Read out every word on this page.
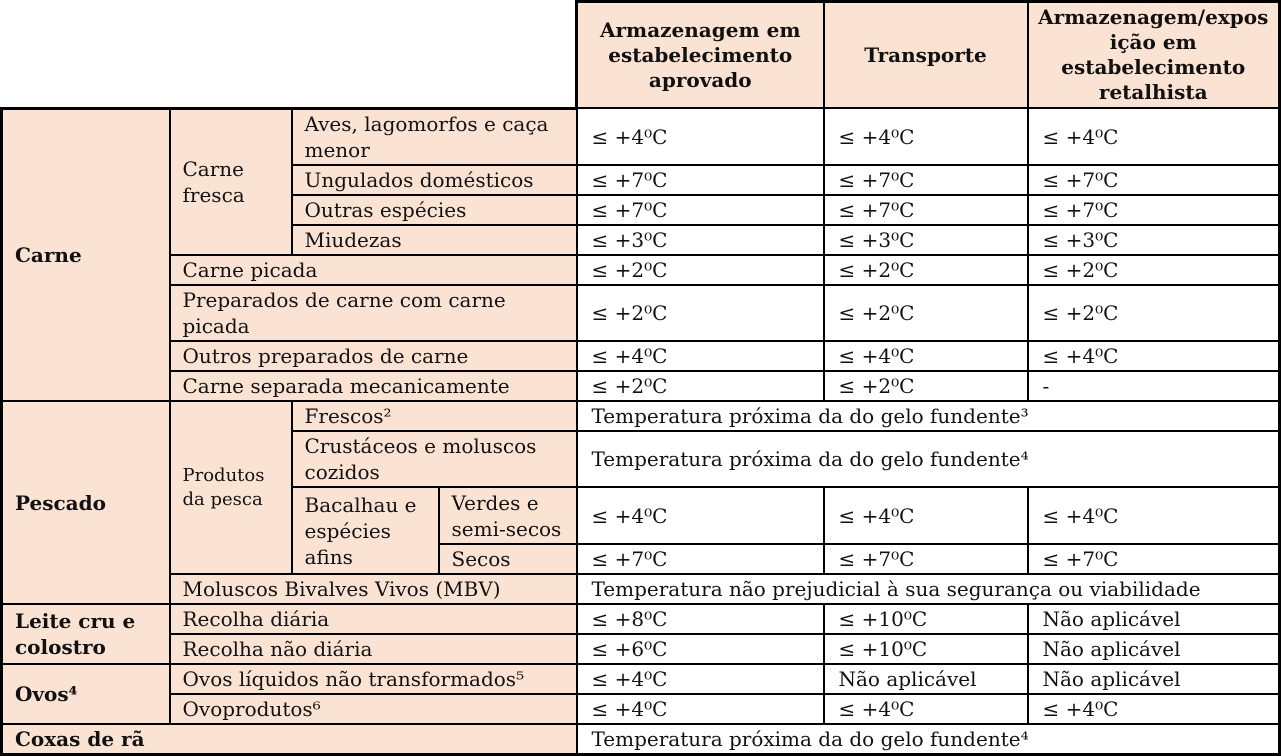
				Armazenagem em estabelecimento aprovado	Transporte	Armazenagem/exposição em estabelecimento retalhista
Carne	Carne fresca	Aves, lagomorfos e caça menor		≤ +4⁰C	≤ +4⁰C	≤ +4⁰C
		Ungulados domésticos		≤ +7⁰C	≤ +7⁰C	≤ +7⁰C
		Outras espécies		≤ +7⁰C	≤ +7⁰C	≤ +7⁰C
		Miudezas		≤ +3⁰C	≤ +3⁰C	≤ +3⁰C
	Carne picada			≤ +2⁰C	≤ +2⁰C	≤ +2⁰C
	Preparados de carne com carne picada			≤ +2⁰C	≤ +2⁰C	≤ +2⁰C
	Outros preparados de carne			≤ +4⁰C	≤ +4⁰C	≤ +4⁰C
	Carne separada mecanicamente			≤ +2⁰C	≤ +2⁰C	-
Pescado	Produtos da pesca	Frescos²		Temperatura próxima da do gelo fundente³		
		Crustáceos e moluscos cozidos		Temperatura próxima da do gelo fundente⁴		
		Bacalhau e espécies afins	Verdes e semi-secos	≤ +4⁰C	≤ +4⁰C	≤ +4⁰C
			Secos	≤ +7⁰C	≤ +7⁰C	≤ +7⁰C
	Moluscos Bivalves Vivos (MBV)			Temperatura não prejudicial à sua segurança ou viabilidade		
Leite cru e colostro	Recolha diária			≤ +8⁰C	≤ +10⁰C	Não aplicável
	Recolha não diária			≤ +6⁰C	≤ +10⁰C	Não aplicável
Ovos⁴	Ovos líquidos não transformados⁵			≤ +4⁰C	Não aplicável	Não aplicável
	Ovoprodutos⁶			≤ +4⁰C	≤ +4⁰C	≤ +4⁰C
Coxas de rã				Temperatura próxima da do gelo fundente⁴		
